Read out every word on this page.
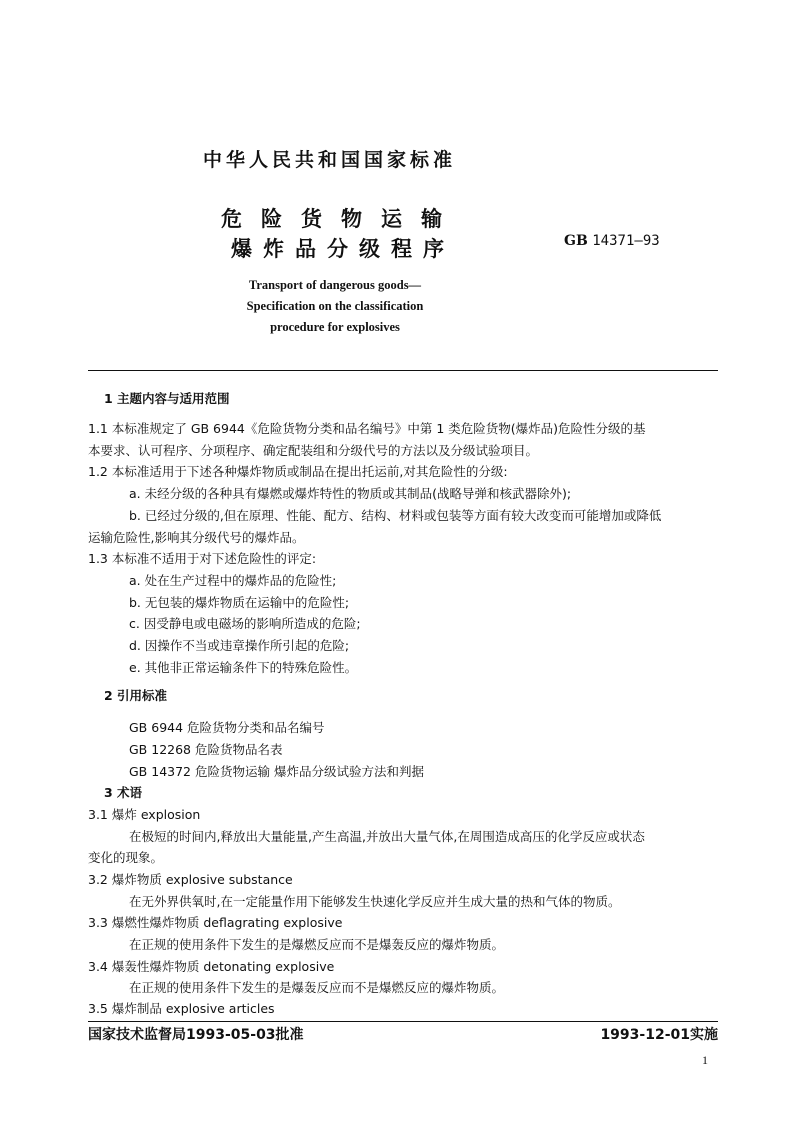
中华人民共和国国家标准
危险货物运输
爆炸品分级程序	GB 14371—93
Transport of dangerous goods—
Specification on the classification
procedure for explosives
1 主题内容与适用范围
1.1 本标准规定了 GB 6944《危险货物分类和品名编号》中第 1 类危险货物(爆炸品)危险性分级的基
本要求、认可程序、分项程序、确定配装组和分级代号的方法以及分级试验项目。
1.2 本标准适用于下述各种爆炸物质或制品在提出托运前,对其危险性的分级:
a. 未经分级的各种具有爆燃或爆炸特性的物质或其制品(战略导弹和核武器除外);
b. 已经过分级的,但在原理、性能、配方、结构、材料或包装等方面有较大改变而可能增加或降低
运输危险性,影响其分级代号的爆炸品。
1.3 本标准不适用于对下述危险性的评定:
a. 处在生产过程中的爆炸品的危险性;
b. 无包装的爆炸物质在运输中的危险性;
c. 因受静电或电磁场的影响所造成的危险;
d. 因操作不当或违章操作所引起的危险;
e. 其他非正常运输条件下的特殊危险性。
2 引用标准
GB 6944 危险货物分类和品名编号
GB 12268 危险货物品名表
GB 14372 危险货物运输 爆炸品分级试验方法和判据
3 术语
3.1 爆炸 explosion
在极短的时间内,释放出大量能量,产生高温,并放出大量气体,在周围造成高压的化学反应或状态
变化的现象。
3.2 爆炸物质 explosive substance
在无外界供氧时,在一定能量作用下能够发生快速化学反应并生成大量的热和气体的物质。
3.3 爆燃性爆炸物质 deflagrating explosive
在正规的使用条件下发生的是爆燃反应而不是爆轰反应的爆炸物质。
3.4 爆轰性爆炸物质 detonating explosive
在正规的使用条件下发生的是爆轰反应而不是爆燃反应的爆炸物质。
3.5 爆炸制品 explosive articles
国家技术监督局1993-05-03批准	1993-12-01实施
1
